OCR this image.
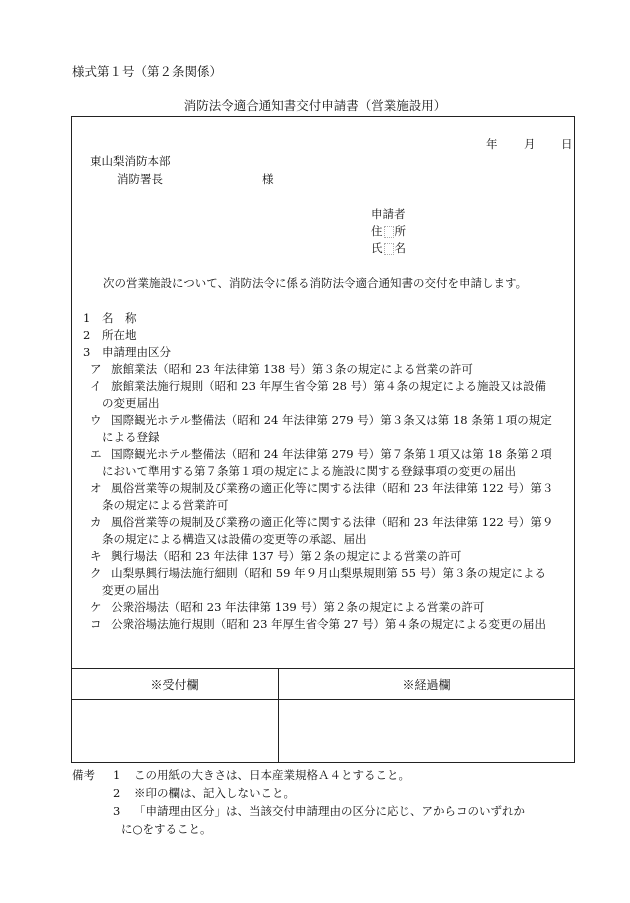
様式第１号（第２条関係）
消防法令適合通知書交付申請書（営業施設用）
年 月 日
東山梨消防本部
消防署長	様
申請者
住 所
氏 名
次の営業施設について、消防法令に係る消防法令適合通知書の交付を申請します。
1 名　称
2 所在地
3 申請理由区分
ア 旅館業法（昭和 23 年法律第 138 号）第３条の規定による営業の許可
イ 旅館業法施行規則（昭和 23 年厚生省令第 28 号）第４条の規定による施設又は設備
の変更届出
ウ 国際観光ホテル整備法（昭和 24 年法律第 279 号）第３条又は第 18 条第１項の規定
による登録
エ 国際観光ホテル整備法（昭和 24 年法律第 279 号）第７条第１項又は第 18 条第２項
において準用する第７条第１項の規定による施設に関する登録事項の変更の届出
オ 風俗営業等の規制及び業務の適正化等に関する法律（昭和 23 年法律第 122 号）第３
条の規定による営業許可
カ 風俗営業等の規制及び業務の適正化等に関する法律（昭和 23 年法律第 122 号）第９
条の規定による構造又は設備の変更等の承認、届出
キ 興行場法（昭和 23 年法律 137 号）第２条の規定による営業の許可
ク 山梨県興行場法施行細則（昭和 59 年９月山梨県規則第 55 号）第３条の規定による
変更の届出
ケ 公衆浴場法（昭和 23 年法律第 139 号）第２条の規定による営業の許可
コ 公衆浴場法施行規則（昭和 23 年厚生省令第 27 号）第４条の規定による変更の届出
※受付欄	※経過欄
備考 1 この用紙の大きさは、日本産業規格Ａ４とすること。
2 ※印の欄は、記入しないこと。
3 「申請理由区分」は、当該交付申請理由の区分に応じ、アからコのいずれか
に○をすること。
